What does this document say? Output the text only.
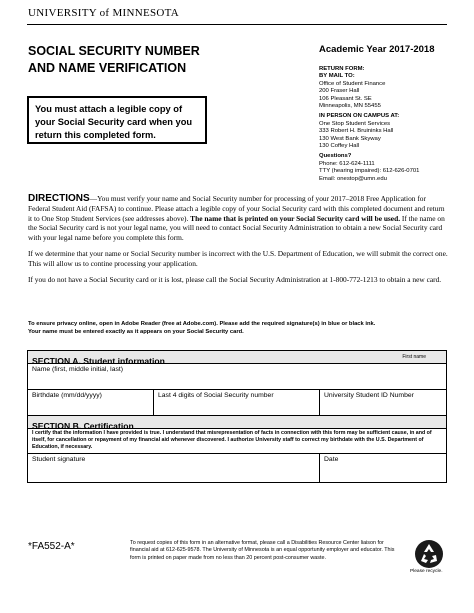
UNIVERSITY of MINNESOTA
SOCIAL SECURITY NUMBER
AND NAME VERIFICATION
You must attach a legible copy of your Social Security card when you return this completed form.
Academic Year 2017-2018
RETURN FORM:
BY MAIL TO:
Office of Student Finance
200 Fraser Hall
106 Pleasant St. SE
Minneapolis, MN 55455
IN PERSON ON CAMPUS AT:
One Stop Student Services
333 Robert H. Bruininks Hall
130 West Bank Skyway
130 Coffey Hall
Questions?
Phone: 612-624-1111
TTY (hearing impaired): 612-626-0701
Email: onestop@umn.edu

DIRECTIONS—You must verify your name and Social Security number for processing of your 2017–2018 Free Application for Federal Student Aid (FAFSA) to continue. Please attach a legible copy of your Social Security card with this completed document and return it to One Stop Student Services (see addresses above). The name that is printed on your Social Security card will be used. If the name on the Social Security card is not your legal name, you will need to contact Social Security Administration to obtain a new Social Security card with your legal name before you complete this form.

If we determine that your name or Social Security number is incorrect with the U.S. Department of Education, we will submit the correct one. This will allow us to contine processing your application.

If you do not have a Social Security card or it is lost, please call the Social Security Administration at 1-800-772-1213 to obtain a new card.

To ensure privacy online, open in Adobe Reader (free at Adobe.com). Please add the required signature(s) in blue or black ink.
Your name must be entered exactly as it appears on your Social Security card.
SECTION A. Student information	First name
Name (first, middle initial, last)
Birthdate (mm/dd/yyyy)	Last 4 digits of Social Security number	University Student ID Number
SECTION B. Certification
I certify that the information I have provided is true. I understand that misrepresentation of facts in connection with this form may be sufficient cause, in and of itself, for cancellation or repayment of my financial aid whenever discovered. I authorize University staff to correct my birthdate with the U.S. Department of Education, if necessary.
Student signature	Date
*FA552-A*	To request copies of this form in an alternative format, please call a Disabilities Resource Center liaison for financial aid at 612-625-9578. The University of Minnesota is an equal opportunity employer and educator. This form is printed on paper made from no less than 20 percent post-consumer waste.
Please recycle.
